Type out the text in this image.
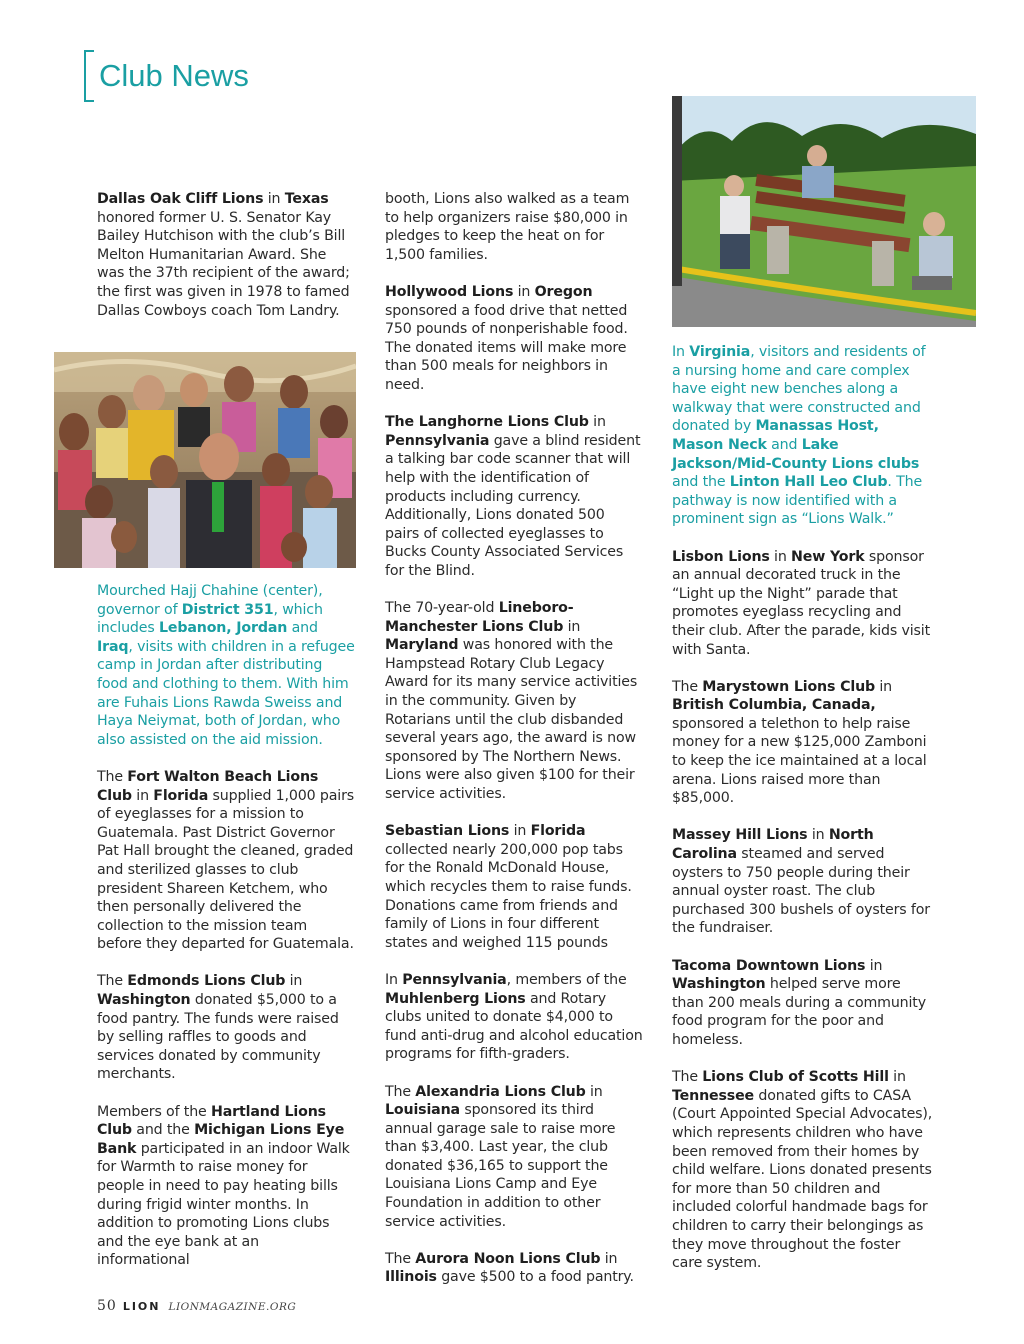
Club News

Dallas Oak Cliff Lions in Texas honored former U. S. Senator Kay Bailey Hutchison with the club’s Bill Melton Humanitarian Award. She was the 37th recipient of the award; the first was given in 1978 to famed Dallas Cowboys coach Tom Landry.

Mourched Hajj Chahine (center), governor of District 351, which includes Lebanon, Jordan and Iraq, visits with children in a refugee camp in Jordan after distributing food and clothing to them. With him are Fuhais Lions Rawda Sweiss and Haya Neiymat, both of Jordan, who also assisted on the aid mission.

The Fort Walton Beach Lions Club in Florida supplied 1,000 pairs of eyeglasses for a mission to Guatemala. Past District Governor Pat Hall brought the cleaned, graded and sterilized glasses to club president Shareen Ketchem, who then personally delivered the collection to the mission team before they departed for Guatemala.

The Edmonds Lions Club in Washington donated $5,000 to a food pantry. The funds were raised by selling raffles to goods and services donated by community merchants.

Members of the Hartland Lions Club and the Michigan Lions Eye Bank participated in an indoor Walk for Warmth to raise money for people in need to pay heating bills during frigid winter months. In addition to promoting Lions clubs and the eye bank at an informational

booth, Lions also walked as a team to help organizers raise $80,000 in pledges to keep the heat on for 1,500 families.

Hollywood Lions in Oregon sponsored a food drive that netted 750 pounds of nonperishable food. The donated items will make more than 500 meals for neighbors in need.

The Langhorne Lions Club in Pennsylvania gave a blind resident a talking bar code scanner that will help with the identification of products including currency. Additionally, Lions donated 500 pairs of collected eyeglasses to Bucks County Associated Services for the Blind.

The 70-year-old Lineboro-Manchester Lions Club in Maryland was honored with the Hampstead Rotary Club Legacy Award for its many service activities in the community. Given by Rotarians until the club disbanded several years ago, the award is now sponsored by The Northern News. Lions were also given $100 for their service activities.

Sebastian Lions in Florida collected nearly 200,000 pop tabs for the Ronald McDonald House, which recycles them to raise funds. Donations came from friends and family of Lions in four different states and weighed 115 pounds

In Pennsylvania, members of the Muhlenberg Lions and Rotary clubs united to donate $4,000 to fund anti-drug and alcohol education programs for fifth-graders.

The Alexandria Lions Club in Louisiana sponsored its third annual garage sale to raise more than $3,400. Last year, the club donated $36,165 to support the Louisiana Lions Camp and Eye Foundation in addition to other service activities.

The Aurora Noon Lions Club in Illinois gave $500 to a food pantry.

In Virginia, visitors and residents of a nursing home and care complex have eight new benches along a walkway that were constructed and donated by Manassas Host, Mason Neck and Lake Jackson/Mid-County Lions clubs and the Linton Hall Leo Club. The pathway is now identified with a prominent sign as “Lions Walk.”

Lisbon Lions in New York sponsor an annual decorated truck in the “Light up the Night” parade that promotes eyeglass recycling and their club. After the parade, kids visit with Santa.

The Marystown Lions Club in British Columbia, Canada, sponsored a telethon to help raise money for a new $125,000 Zamboni to keep the ice maintained at a local arena. Lions raised more than $85,000.

Massey Hill Lions in North Carolina steamed and served oysters to 750 people during their annual oyster roast. The club purchased 300 bushels of oysters for the fundraiser.

Tacoma Downtown Lions in Washington helped serve more than 200 meals during a community food program for the poor and homeless.

The Lions Club of Scotts Hill in Tennessee donated gifts to CASA (Court Appointed Special Advocates), which represents children who have been removed from their homes by child welfare. Lions donated presents for more than 50 children and included colorful handmade bags for children to carry their belongings as they move throughout the foster care system.

50 LION LIONMAGAZINE.ORG
